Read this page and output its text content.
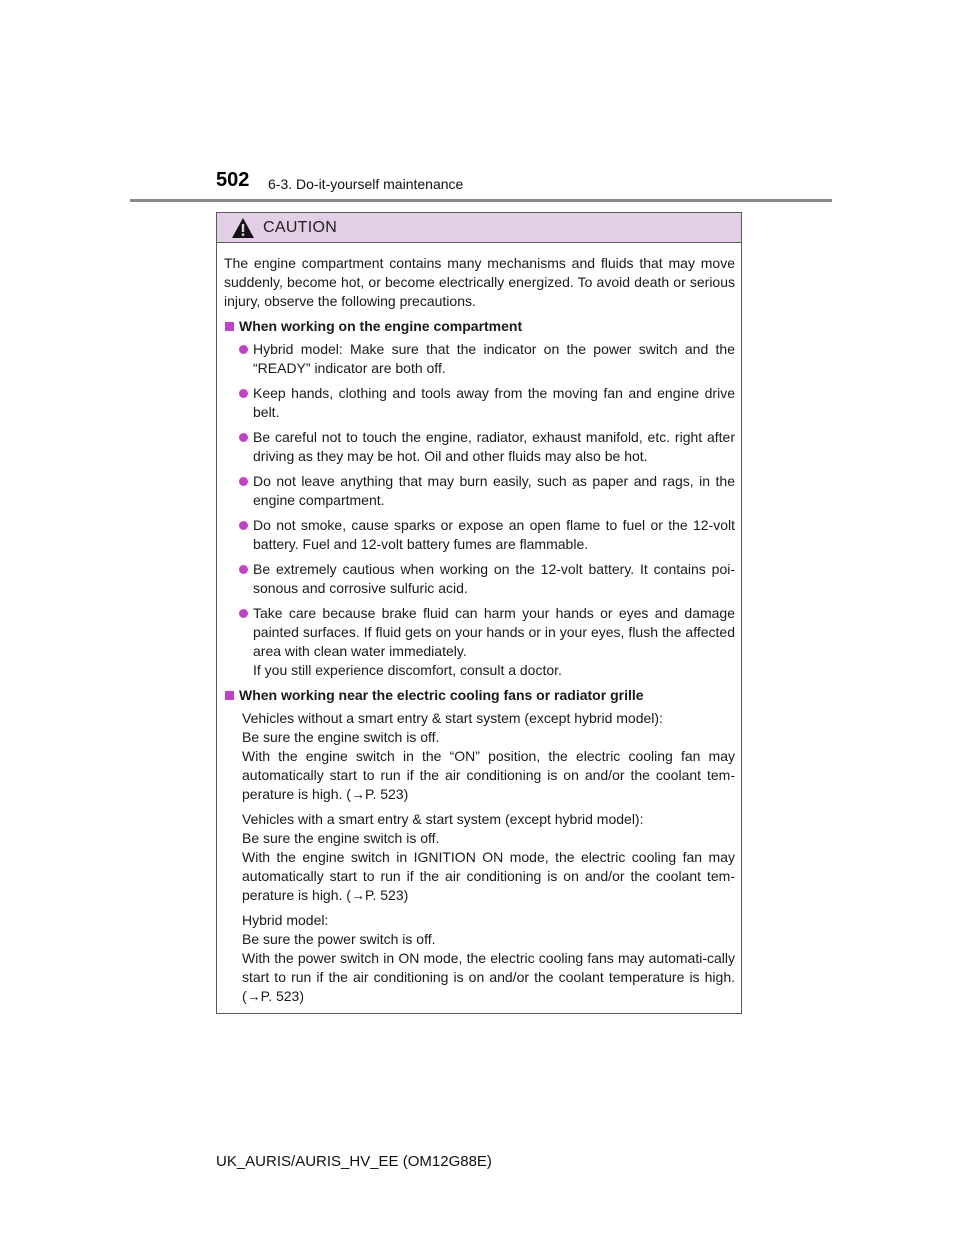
502 6-3. Do-it-yourself maintenance
CAUTION

The engine compartment contains many mechanisms and fluids that may move suddenly, become hot, or become electrically energized. To avoid death or serious injury, observe the following precautions.

When working on the engine compartment
Hybrid model: Make sure that the indicator on the power switch and the “READY” indicator are both off.
Keep hands, clothing and tools away from the moving fan and engine drive belt.
Be careful not to touch the engine, radiator, exhaust manifold, etc. right after driving as they may be hot. Oil and other fluids may also be hot.
Do not leave anything that may burn easily, such as paper and rags, in the engine compartment.
Do not smoke, cause sparks or expose an open flame to fuel or the 12-volt battery. Fuel and 12-volt battery fumes are flammable.
Be extremely cautious when working on the 12-volt battery. It contains poi-sonous and corrosive sulfuric acid.
Take care because brake fluid can harm your hands or eyes and damage painted surfaces. If fluid gets on your hands or in your eyes, flush the affected area with clean water immediately.
If you still experience discomfort, consult a doctor.
When working near the electric cooling fans or radiator grille
Vehicles without a smart entry & start system (except hybrid model):
Be sure the engine switch is off.
With the engine switch in the “ON” position, the electric cooling fan may automatically start to run if the air conditioning is on and/or the coolant tem-perature is high. (→P. 523)
Vehicles with a smart entry & start system (except hybrid model):
Be sure the engine switch is off.
With the engine switch in IGNITION ON mode, the electric cooling fan may automatically start to run if the air conditioning is on and/or the coolant tem-perature is high. (→P. 523)
Hybrid model:
Be sure the power switch is off.
With the power switch in ON mode, the electric cooling fans may automati-cally start to run if the air conditioning is on and/or the coolant temperature is high. (→P. 523)
UK_AURIS/AURIS_HV_EE (OM12G88E)
